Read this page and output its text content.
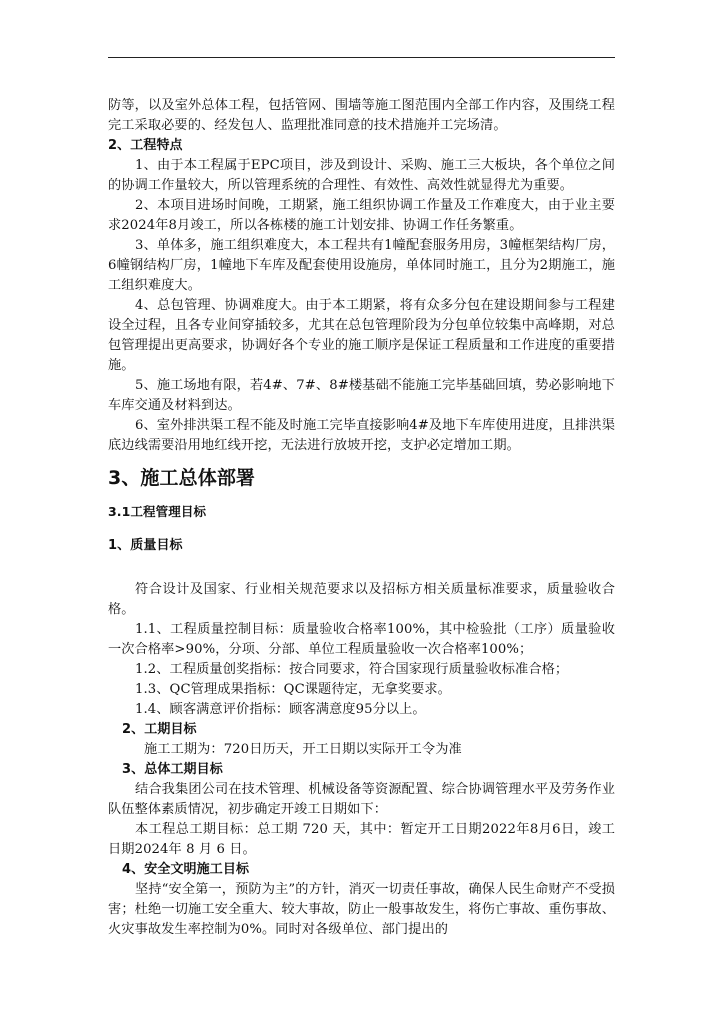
防等，以及室外总体工程，包括管网、围墙等施工图范围内全部工作内容，及围绕工程完工采取必要的、经发包人、监理批准同意的技术措施并工完场清。

2、工程特点

1、由于本工程属于EPC项目，涉及到设计、采购、施工三大板块，各个单位之间的协调工作量较大，所以管理系统的合理性、有效性、高效性就显得尤为重要。

2、本项目进场时间晚，工期紧，施工组织协调工作量及工作难度大，由于业主要求2024年8月竣工，所以各栋楼的施工计划安排、协调工作任务繁重。

3、单体多，施工组织难度大，本工程共有1幢配套服务用房，3幢框架结构厂房，6幢钢结构厂房，1幢地下车库及配套使用设施房，单体同时施工，且分为2期施工，施工组织难度大。

4、总包管理、协调难度大。由于本工期紧，将有众多分包在建设期间参与工程建设全过程，且各专业间穿插较多，尤其在总包管理阶段为分包单位较集中高峰期，对总包管理提出更高要求，协调好各个专业的施工顺序是保证工程质量和工作进度的重要措施。

5、施工场地有限，若4#、7#、8#楼基础不能施工完毕基础回填，势必影响地下车库交通及材料到达。

6、室外排洪渠工程不能及时施工完毕直接影响4#及地下车库使用进度，且排洪渠底边线需要沿用地红线开挖，无法进行放坡开挖，支护必定增加工期。

3、施工总体部署

3.1工程管理目标

1、质量目标

符合设计及国家、行业相关规范要求以及招标方相关质量标准要求，质量验收合格。

1.1、工程质量控制目标：质量验收合格率100%，其中检验批（工序）质量验收一次合格率>90%，分项、分部、单位工程质量验收一次合格率100%；

1.2、工程质量创奖指标：按合同要求，符合国家现行质量验收标准合格；

1.3、QC管理成果指标：QC课题待定，无拿奖要求。

1.4、顾客满意评价指标：顾客满意度95分以上。

2、工期目标

施工工期为：720日历天，开工日期以实际开工令为准

3、总体工期目标

结合我集团公司在技术管理、机械设备等资源配置、综合协调管理水平及劳务作业队伍整体素质情况，初步确定开竣工日期如下：

本工程总工期目标：总工期 720 天，其中：暂定开工日期2022年8月6日，竣工日期2024年 8 月 6 日。

4、安全文明施工目标

坚持“安全第一，预防为主”的方针，消灭一切责任事故，确保人民生命财产不受损害；杜绝一切施工安全重大、较大事故，防止一般事故发生，将伤亡事故、重伤事故、火灾事故发生率控制为0%。同时对各级单位、部门提出的
